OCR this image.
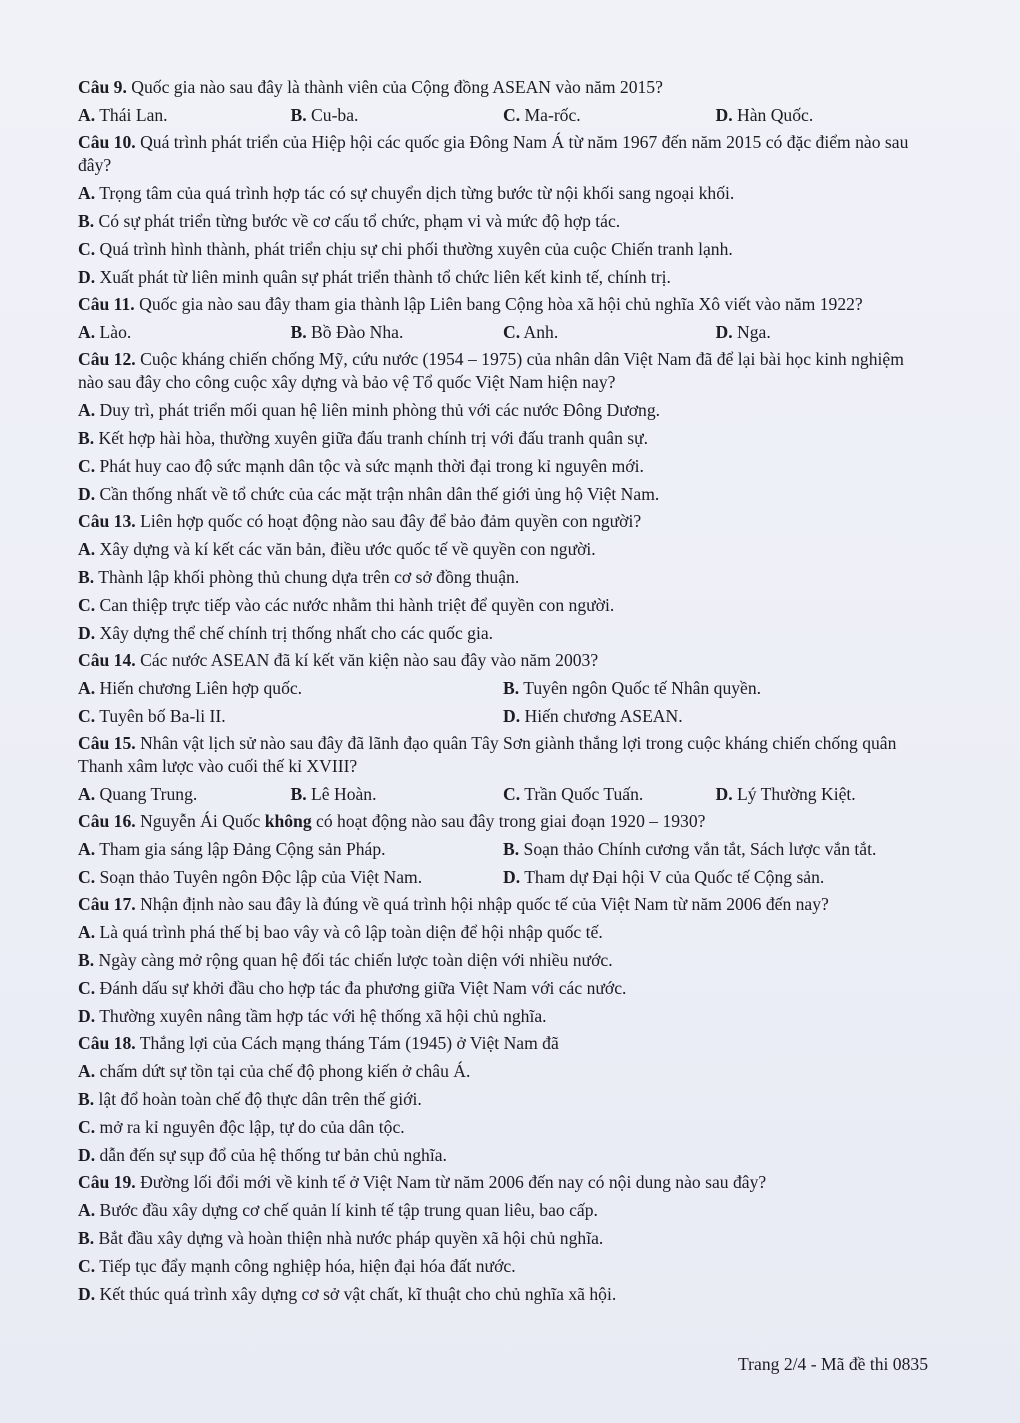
Câu 9. Quốc gia nào sau đây là thành viên của Cộng đồng ASEAN vào năm 2015?

A. Thái Lan.	B. Cu-ba.	C. Ma-rốc.	D. Hàn Quốc.

Câu 10. Quá trình phát triển của Hiệp hội các quốc gia Đông Nam Á từ năm 1967 đến năm 2015 có đặc điểm nào sau đây?

A. Trọng tâm của quá trình hợp tác có sự chuyển dịch từng bước từ nội khối sang ngoại khối.

B. Có sự phát triển từng bước về cơ cấu tổ chức, phạm vi và mức độ hợp tác.

C. Quá trình hình thành, phát triển chịu sự chi phối thường xuyên của cuộc Chiến tranh lạnh.

D. Xuất phát từ liên minh quân sự phát triển thành tổ chức liên kết kinh tế, chính trị.

Câu 11. Quốc gia nào sau đây tham gia thành lập Liên bang Cộng hòa xã hội chủ nghĩa Xô viết vào năm 1922?

A. Lào.	B. Bồ Đào Nha.	C. Anh.	D. Nga.

Câu 12. Cuộc kháng chiến chống Mỹ, cứu nước (1954 – 1975) của nhân dân Việt Nam đã để lại bài học kinh nghiệm nào sau đây cho công cuộc xây dựng và bảo vệ Tổ quốc Việt Nam hiện nay?

A. Duy trì, phát triển mối quan hệ liên minh phòng thủ với các nước Đông Dương.

B. Kết hợp hài hòa, thường xuyên giữa đấu tranh chính trị với đấu tranh quân sự.

C. Phát huy cao độ sức mạnh dân tộc và sức mạnh thời đại trong kỉ nguyên mới.

D. Cần thống nhất về tổ chức của các mặt trận nhân dân thế giới ủng hộ Việt Nam.

Câu 13. Liên hợp quốc có hoạt động nào sau đây để bảo đảm quyền con người?

A. Xây dựng và kí kết các văn bản, điều ước quốc tế về quyền con người.

B. Thành lập khối phòng thủ chung dựa trên cơ sở đồng thuận.

C. Can thiệp trực tiếp vào các nước nhằm thi hành triệt để quyền con người.

D. Xây dựng thể chế chính trị thống nhất cho các quốc gia.

Câu 14. Các nước ASEAN đã kí kết văn kiện nào sau đây vào năm 2003?

A. Hiến chương Liên hợp quốc.	B. Tuyên ngôn Quốc tế Nhân quyền.
C. Tuyên bố Ba-li II.	D. Hiến chương ASEAN.

Câu 15. Nhân vật lịch sử nào sau đây đã lãnh đạo quân Tây Sơn giành thắng lợi trong cuộc kháng chiến chống quân Thanh xâm lược vào cuối thế kỉ XVIII?

A. Quang Trung.	B. Lê Hoàn.	C. Trần Quốc Tuấn.	D. Lý Thường Kiệt.

Câu 16. Nguyễn Ái Quốc không có hoạt động nào sau đây trong giai đoạn 1920 – 1930?

A. Tham gia sáng lập Đảng Cộng sản Pháp.	B. Soạn thảo Chính cương vắn tắt, Sách lược vắn tắt.
C. Soạn thảo Tuyên ngôn Độc lập của Việt Nam.	D. Tham dự Đại hội V của Quốc tế Cộng sản.

Câu 17. Nhận định nào sau đây là đúng về quá trình hội nhập quốc tế của Việt Nam từ năm 2006 đến nay?

A. Là quá trình phá thế bị bao vây và cô lập toàn diện để hội nhập quốc tế.

B. Ngày càng mở rộng quan hệ đối tác chiến lược toàn diện với nhiều nước.

C. Đánh dấu sự khởi đầu cho hợp tác đa phương giữa Việt Nam với các nước.

D. Thường xuyên nâng tầm hợp tác với hệ thống xã hội chủ nghĩa.

Câu 18. Thắng lợi của Cách mạng tháng Tám (1945) ở Việt Nam đã

A. chấm dứt sự tồn tại của chế độ phong kiến ở châu Á.

B. lật đổ hoàn toàn chế độ thực dân trên thế giới.

C. mở ra kỉ nguyên độc lập, tự do của dân tộc.

D. dẫn đến sự sụp đổ của hệ thống tư bản chủ nghĩa.

Câu 19. Đường lối đổi mới về kinh tế ở Việt Nam từ năm 2006 đến nay có nội dung nào sau đây?

A. Bước đầu xây dựng cơ chế quản lí kinh tế tập trung quan liêu, bao cấp.

B. Bắt đầu xây dựng và hoàn thiện nhà nước pháp quyền xã hội chủ nghĩa.

C. Tiếp tục đẩy mạnh công nghiệp hóa, hiện đại hóa đất nước.

D. Kết thúc quá trình xây dựng cơ sở vật chất, kĩ thuật cho chủ nghĩa xã hội.

Trang 2/4 - Mã đề thi 0835
